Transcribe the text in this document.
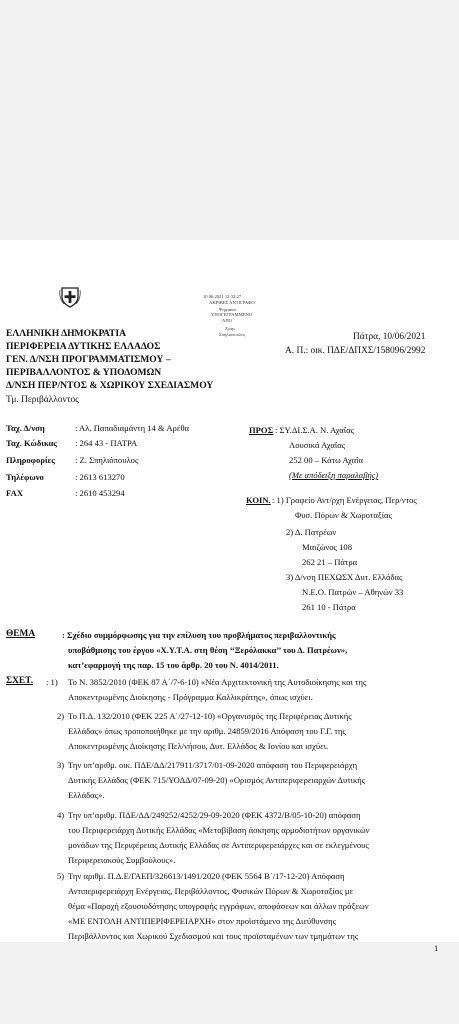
10.06.2021 12:32:27
ΑΚΡΙΒΕΣ ΑΝΤΙΓΡΑΦΟ
Ψηφιακά
ΥΠΟΓΕΓΡΑΜΜΕΝΟ
ΑΠΟ
Ζώης
Σπηλιόπουλος
ΕΛΛΗΝΙΚΗ ΔΗΜΟΚΡΑΤΙΑ
ΠΕΡΙΦΕΡΕΙΑ ΔΥΤΙΚΗΣ ΕΛΛΑΔΟΣ
ΓΕΝ. Δ/ΝΣΗ ΠΡΟΓΡΑΜΜΑΤΙΣΜΟΥ –
ΠΕΡΙΒΑΛΛΟΝΤΟΣ & ΥΠΟΔΟΜΩΝ
Δ/ΝΣΗ ΠΕΡ/ΝΤΟΣ & ΧΩΡΙΚΟΥ ΣΧΕΔΙΑΣΜΟΥ
Τμ. Περιβάλλοντος
Πάτρα, 10/06/2021
Α. Π.: οικ. ΠΔΕ/ΔΠΧΣ/158096/2992
Ταχ. Δ/νση	: Αλ. Παπαδιαμάντη 14 & Αρέθα
Ταχ. Κώδικας : 264 43 - ΠΑΤΡΑ
Πληροφορίες : Ζ. Σπηλιόπουλος
Τηλέφωνο	: 2613 613270
FAX	: 2610 453294
ΠΡΟΣ : ΣΥ.ΔΙ.Σ.Α. Ν. Αχαΐας
Λουσικά Αχαΐας
252 00 – Κάτω Αχαΐα
(Με απόδειξη παραλαβής)
ΚΟΙΝ. : 1) Γραφείο Αντ/ρχη Ενέργειας, Περ/ντος
Φυσ. Πόρων & Χωροταξίας
2) Δ. Πατρέων
Μαιζώνος 108
262 21 – Πάτρα
3) Δ/νση ΠΕΧΩΣΧ Δυτ. Ελλάδας
Ν.Ε.Ο. Πατρών – Αθηνών 33
261 10 - Πάτρα
ΘΕΜΑ	: Σχέδιο συμμόρφωσης για την επίλυση του προβλήματος περιβαλλοντικής
υποβάθμισης του έργου «Χ.Υ.Τ.Α. στη θέση ‘‘Ξερόλακκα’’ του Δ. Πατρέων»,
κατ’εφαρμογή της παρ. 15 του άρθρ. 20 του Ν. 4014/2011.
ΣΧΕΤ. : 1) Το Ν. 3852/2010 (ΦΕΚ 87 Α΄/7-6-10) «Νέα Αρχιτεκτονική της Αυτοδιοίκησης και της
Αποκεντρωμένης Διοίκησης - Πρόγραμμα Καλλικράτης», όπως ισχύει.
2) Το Π.Δ. 132/2010 (ΦΕΚ 225 Α΄/27-12-10) «Οργανισμός της Περιφέρειας Δυτικής
Ελλάδας» όπως τροποποιήθηκε με την αριθμ. 24859/2016 Απόφαση του Γ.Γ. της
Αποκεντρωμένης Διοίκησης Πελ/νήσου, Δυτ. Ελλάδος & Ιονίου και ισχύει.
3) Την υπ’αριθμ. οικ. ΠΔΕ/ΔΔ/217911/3717/01-09-2020 απόφαση του Περιφερειάρχη
Δυτικής Ελλάδας (ΦΕΚ 715/ΥΟΔΔ/07-09-20) «Ορισμός Αντιπεριφερειαρχών Δυτικής
Ελλάδας».
4) Την υπ’αριθμ. ΠΔΕ/ΔΔ/249252/4252/29-09-2020 (ΦΕΚ 4372/Β/05-10-20) απόφαση
του Περιφερειάρχη Δυτικής Ελλάδας «Μεταβίβαση άσκησης αρμοδιοτήτων οργανικών
μονάδων της Περιφέρειας Δυτικής Ελλάδας σε Αντιπεριφερειάρχες και σε εκλεγμένους
Περιφερειακούς Συμβούλους».
5) Την αριθμ. Π.Δ.Ε/ΓΑΕΠ/326613/1491/2020 (ΦΕΚ 5564 Β΄/17-12-20) Απόφαση
Αντιπεριφερειάρχη Ενέργειας, Περιβάλλοντος, Φυσικών Πόρων & Χωροταξίας με
θέμα «Παροχή εξουσιοδότησης υπογραφής εγγράφων, αποφάσεων και άλλων πράξεων
«ΜΕ ΕΝΤΟΛΗ ΑΝΤΙΠΕΡΙΦΕΡΕΙΑΡΧΗ» στον προϊστάμενο της Διεύθυνσης
Περιβάλλοντος και Χωρικού Σχεδιασμού και τους προϊσταμένων των τμημάτων της
1
